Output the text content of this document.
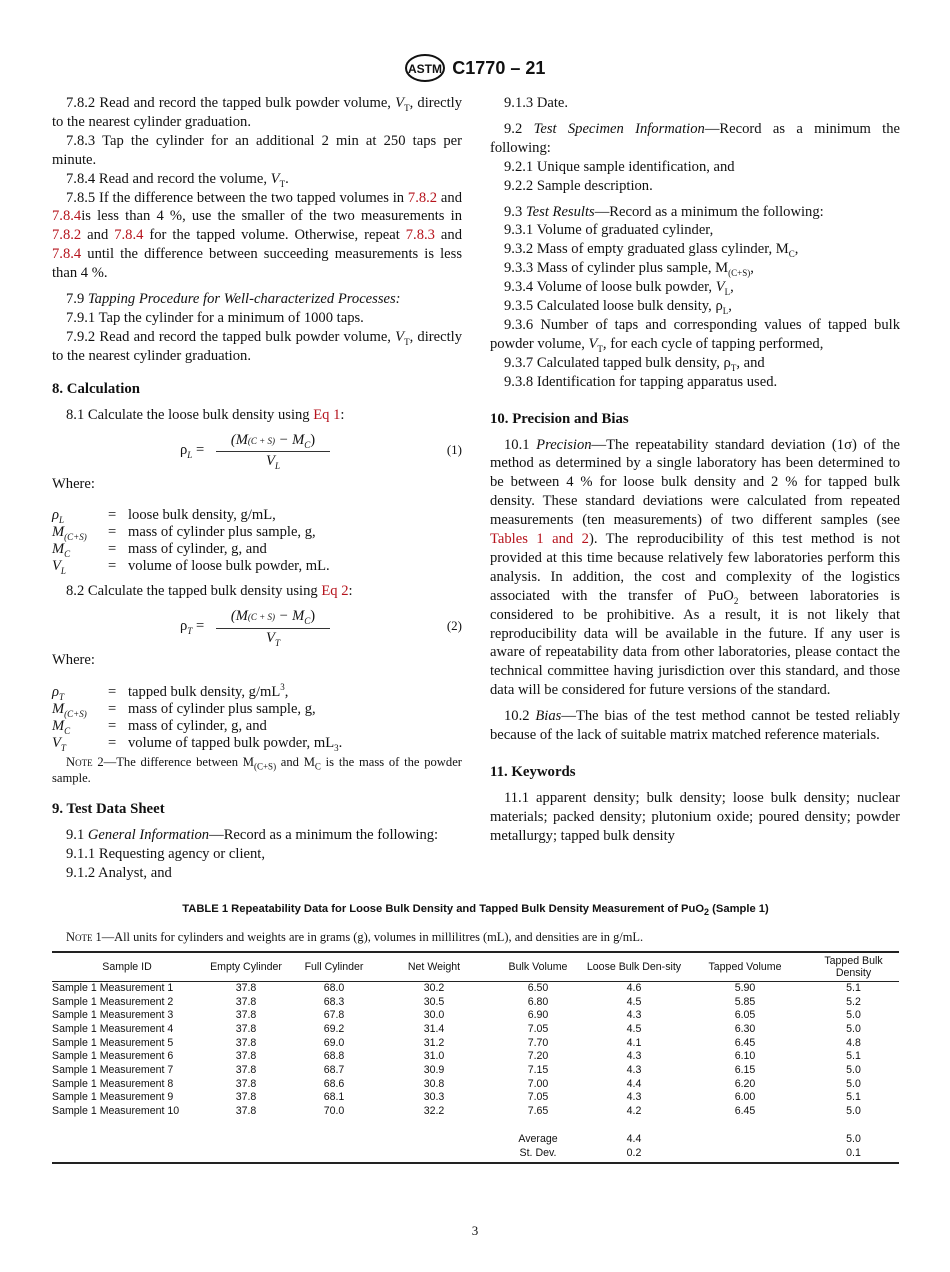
ASTM C1770 – 21

7.8.2 Read and record the tapped bulk powder volume, $V_T$, directly to the nearest cylinder graduation.

7.8.3 Tap the cylinder for an additional 2 min at 250 taps per minute.

7.8.4 Read and record the volume, $V_T$.

7.8.5 If the difference between the two tapped volumes in 7.8.2 and 7.8.4is less than 4 %, use the smaller of the two measurements in 7.8.2 and 7.8.4 for the tapped volume. Otherwise, repeat 7.8.3 and 7.8.4 until the difference between succeeding measurements is less than 4 %.

7.9 Tapping Procedure for Well-characterized Processes:

7.9.1 Tap the cylinder for a minimum of 1000 taps.

7.9.2 Read and record the tapped bulk powder volume, $V_T$, directly to the nearest cylinder graduation.

8. Calculation

8.1 Calculate the loose bulk density using Eq 1:

$\rho_L = \frac{(M(C + S) - M_C)}{V_L}$	(1)
Where:
$\rho_L$	= loose bulk density, g/mL,
$M_{(C+S)}$	= mass of cylinder plus sample, g,
$M_C$	= mass of cylinder, g, and
$V_L$	= volume of loose bulk powder, mL.

8.2 Calculate the tapped bulk density using Eq 2:

$\rho_T = \frac{(M(C + S) - M_C)}{V_T}$	(2)
Where:
$\rho_T$	= tapped bulk density, $g/mL^3$,
$M_{(C+S)}$	= mass of cylinder plus sample, g,
$M_C$	= mass of cylinder, g, and
$V_T$	= volume of tapped bulk powder, $mL_3$.
Note 2—The difference between $M_{(C+S)}$ and $M_C$ is the mass of the powder sample.
9. Test Data Sheet

9.1 General Information—Record as a minimum the following:

9.1.1 Requesting agency or client,

9.1.2 Analyst, and

9.1.3 Date.

9.2 Test Specimen Information—Record as a minimum the following:

9.2.1 Unique sample identification, and

9.2.2 Sample description.

9.3 Test Results—Record as a minimum the following:

9.3.1 Volume of graduated cylinder,

9.3.2 Mass of empty graduated glass cylinder, $M_C$,

9.3.3 Mass of cylinder plus sample, $M_{(C+S)}$,

9.3.4 Volume of loose bulk powder, $V_L$,

9.3.5 Calculated loose bulk density, $\rho_L$,

9.3.6 Number of taps and corresponding values of tapped bulk powder volume, $V_T$, for each cycle of tapping performed,

9.3.7 Calculated tapped bulk density, $\rho_T$, and

9.3.8 Identification for tapping apparatus used.

10. Precision and Bias

10.1 Precision—The repeatability standard deviation (1σ) of the method as determined by a single laboratory has been determined to be between 4 % for loose bulk density and 2 % for tapped bulk density. These standard deviations were calculated from repeated measurements (ten measurements) of two different samples (see Tables 1 and 2). The reproducibility of this test method is not provided at this time because relatively few laboratories perform this analysis. In addition, the cost and complexity of the logistics associated with the transfer of PuO$_2$ between laboratories is considered to be prohibitive. As a result, it is not likely that reproducibility data will be available in the future. If any user is aware of repeatability data from other laboratories, please contact the technical committee having jurisdiction over this standard, and those data will be considered for future versions of the standard.

10.2 Bias—The bias of the test method cannot be tested reliably because of the lack of suitable matrix matched reference materials.

11. Keywords

11.1 apparent density; bulk density; loose bulk density; nuclear materials; packed density; plutonium oxide; poured density; powder metallurgy; tapped bulk density

TABLE 1 Repeatability Data for Loose Bulk Density and Tapped Bulk Density Measurement of PuO$_2$ (Sample 1)
Note 1—All units for cylinders and weights are in grams (g), volumes in millilitres (mL), and densities are in g/mL.
Sample ID	Empty Cylinder	Full Cylinder	Net Weight	Bulk Volume	Loose Bulk Den-sity	Tapped Volume	Tapped Bulk Density
Sample 1 Measurement 1	37.8	68.0	30.2	6.50	4.6	5.90	5.1
Sample 1 Measurement 2	37.8	68.3	30.5	6.80	4.5	5.85	5.2
Sample 1 Measurement 3	37.8	67.8	30.0	6.90	4.3	6.05	5.0
Sample 1 Measurement 4	37.8	69.2	31.4	7.05	4.5	6.30	5.0
Sample 1 Measurement 5	37.8	69.0	31.2	7.70	4.1	6.45	4.8
Sample 1 Measurement 6	37.8	68.8	31.0	7.20	4.3	6.10	5.1
Sample 1 Measurement 7	37.8	68.7	30.9	7.15	4.3	6.15	5.0
Sample 1 Measurement 8	37.8	68.6	30.8	7.00	4.4	6.20	5.0
Sample 1 Measurement 9	37.8	68.1	30.3	7.05	4.3	6.00	5.1
Sample 1 Measurement 10	37.8	70.0	32.2	7.65	4.2	6.45	5.0

				Average	4.4		5.0
				St. Dev.	0.2		0.1
3
